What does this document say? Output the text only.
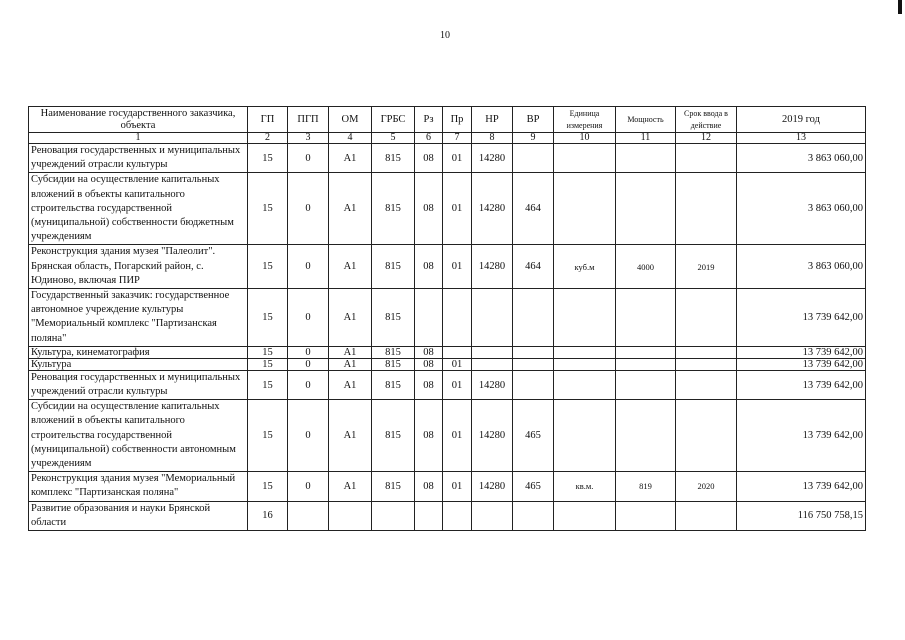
10
Наименование государственного заказчика, объекта	ГП	ПГП	ОМ	ГРБС	Рз	Пр	НР	ВР	Единица измерения	Мощность	Срок ввода в действие	2019 год
1	2	3	4	5	6	7	8	9	10	11	12	13
Реновация государственных и муниципальных учреждений отрасли культуры	15	0	А1	815	08	01	14280					3 863 060,00
Субсидии на осуществление капитальных вложений в объекты капитального строительства государственной (муниципальной) собственности бюджетным учреждениям	15	0	А1	815	08	01	14280	464				3 863 060,00
Реконструкция здания музея "Палеолит". Брянская область, Погарский район, с. Юдиново, включая ПИР	15	0	А1	815	08	01	14280	464	куб.м	4000	2019	3 863 060,00
Государственный заказчик: государственное автономное учреждение культуры "Мемориальный комплекс "Партизанская поляна"	15	0	А1	815								13 739 642,00
Культура, кинематография	15	0	А1	815	08							13 739 642,00
Культура	15	0	А1	815	08	01						13 739 642,00
Реновация государственных и муниципальных учреждений отрасли культуры	15	0	А1	815	08	01	14280					13 739 642,00
Субсидии на осуществление капитальных вложений в объекты капитального строительства государственной (муниципальной) собственности автономным учреждениям	15	0	А1	815	08	01	14280	465				13 739 642,00
Реконструкция здания музея "Мемориальный комплекс "Партизанская поляна"	15	0	А1	815	08	01	14280	465	кв.м.	819	2020	13 739 642,00
Развитие образования и науки Брянской области	16											116 750 758,15
